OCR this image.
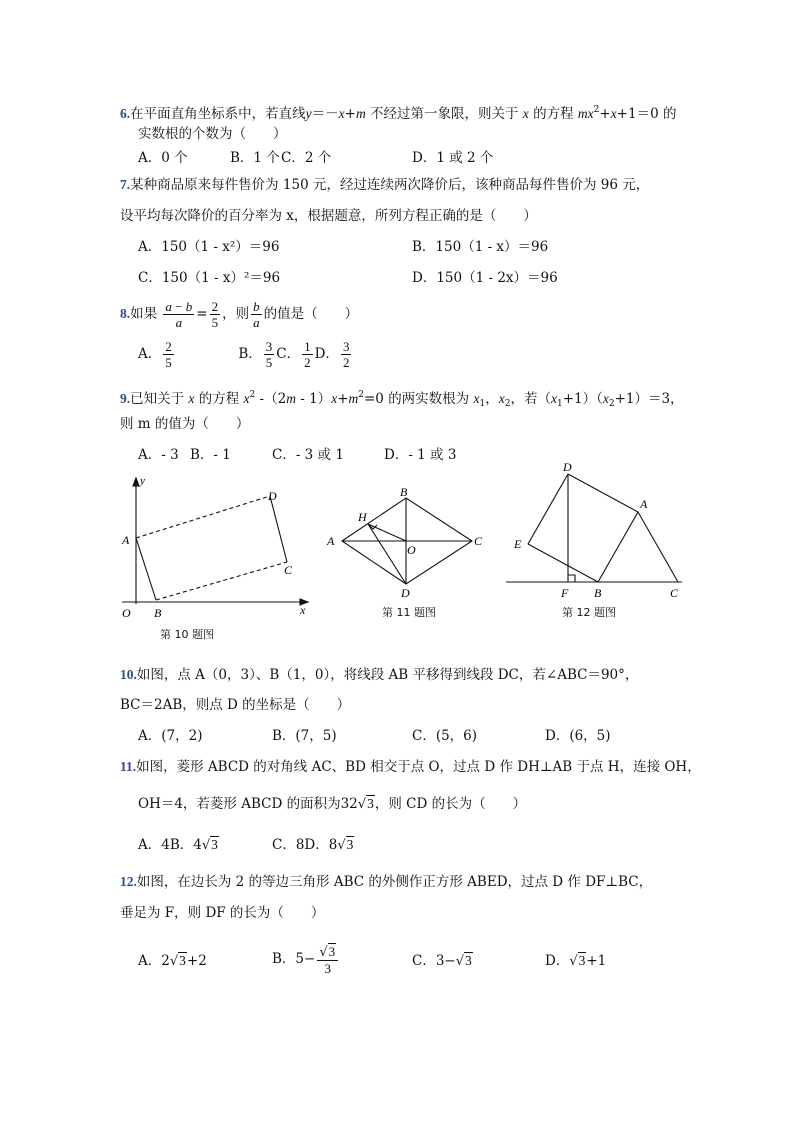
6.在平面直角坐标系中，若直线y＝－x+m 不经过第一象限，则关于 x 的方程 $mx^2+x+1=0$ 的
实数根的个数为（　　）
A．0 个	B．1 个 C．2 个	D．1 或 2 个
7.某种商品原来每件售价为 150 元，经过连续两次降价后，该种商品每件售价为 96 元，
设平均每次降价的百分率为 x，根据题意，所列方程正确的是（　　）
A．150（1 - x²）＝96	B．150（1 - x）＝96
C．150（1 - x）²＝96	D．150（1 - 2x）＝96
8.如果 $\frac{a - b}{a} = \frac{2}{5}$ ，则 $\frac{b}{a}$ 的值是（　　）
A． $\frac{2}{5}$	B． $\frac{3}{5}$ C． $\frac{1}{2}$ D． $\frac{3}{2}$
9.已知关于 x 的方程 $x^2$ $-(2m - 1)x+m^2=0$ 的两实数根为 $x_1$，$x_2$，若$(x_1+1)(x_2+1)=3$，
则 m 的值为（　　）
A．- 3 B．- 1	C．- 3 或 1	D．- 1 或 3
y
x
A
B
C
D
O
第 10 题图
A
B
C
D
H
O
第 11 题图
D
A
E
F B	C
第 12 题图
10.如图，点 A（0，3）、B（1，0），将线段 AB 平移得到线段 DC，若∠ABC＝90°，
BC＝2AB，则点 D 的坐标是（　　）
A．(7，2)	B．(7，5)	C．(5，6)	D．(6，5)
11.如图，菱形 ABCD 的对角线 AC、BD 相交于点 O，过点 D 作 DH⊥AB 于点 H，连接 OH，
OH＝4，若菱形 ABCD 的面积为32√3，则 CD 的长为（　　）
A．4B．4√3	C．8D．8√3
12.如图，在边长为 2 的等边三角形 ABC 的外侧作正方形 ABED，过点 D 作 DF⊥BC，
垂足为 F，则 DF 的长为（　　）
A．2√3+2	B．$5- \frac{√3}{3}$	C．3−√3	D．√3+1
